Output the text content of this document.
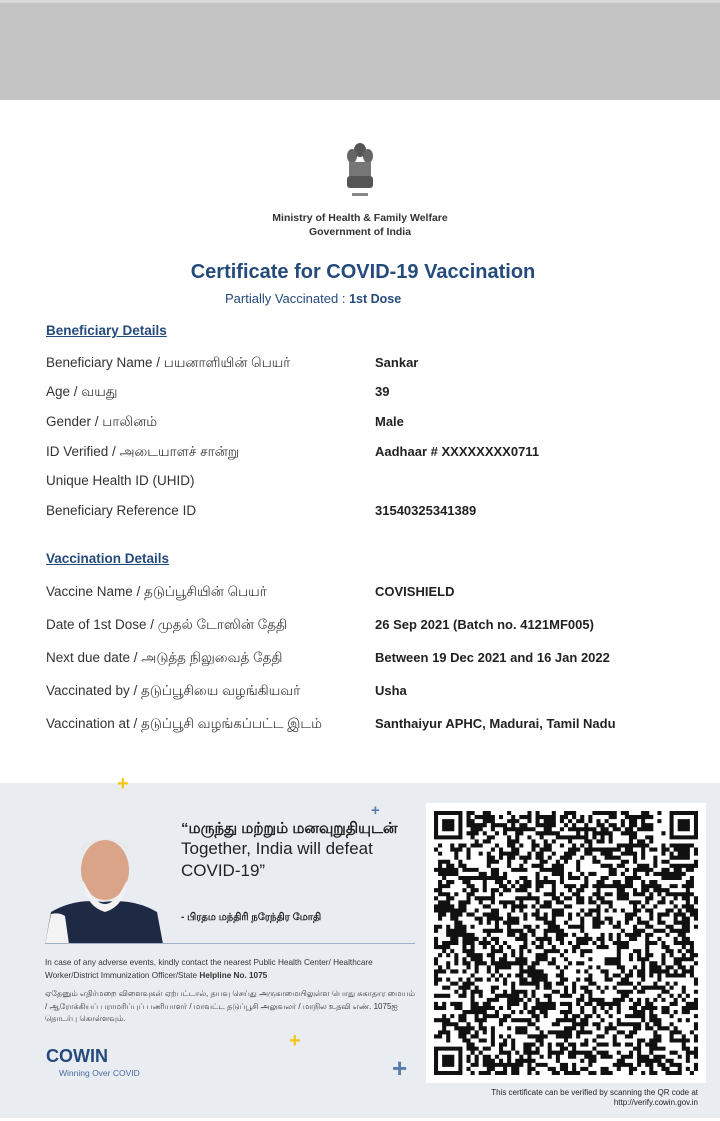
Ministry of Health & Family Welfare
Government of India
Certificate for COVID-19 Vaccination
Partially Vaccinated : 1st Dose
Beneficiary Details
Beneficiary Name / பயனாளியின் பெயர்	Sankar
Age / வயது	39
Gender / பாலினம்	Male
ID Verified / அடையாளச் சான்று	Aadhaar # XXXXXXXX0711
Unique Health ID (UHID)
Beneficiary Reference ID	31540325341389
Vaccination Details
Vaccine Name / தடுப்பூசியின் பெயர்	COVISHIELD
Date of 1st Dose / முதல் டோஸின் தேதி	26 Sep 2021 (Batch no. 4121MF005)
Next due date / அடுத்த நிலுவைத் தேதி	Between 19 Dec 2021 and 16 Jan 2022
Vaccinated by / தடுப்பூசியை வழங்கியவர்	Usha
Vaccination at / தடுப்பூசி வழங்கப்பட்ட இடம்	Santhaiyur APHC, Madurai, Tamil Nadu
+
+
+
+
“மருந்து மற்றும் மனவுறுதியுடன்
Together, India will defeat COVID-19”
- பிரதம மந்திரி நரேந்திர மோதி
In case of any adverse events, kindly contact the nearest Public Health Center/ Healthcare Worker/District Immunization Officer/State Helpline No. 1075
ஏதேனும் எதிர்மறை விளைவுகள் ஏற்பட்டால், தயவு செய்து அருகாமையிலுள்ள பொது சுகாதார மையம் / ஆரோக்கியப் பராமரிப்புப் பணியாளர் / மாவட்ட தடுப்பூசி அலுவலர் / மாநில உதவி எண். 1075ஐ தொடர்பு கொள்ளவும்.
COWIN
Winning Over COVID
This certificate can be verified by scanning the QR code at http://verify.cowin.gov.in
